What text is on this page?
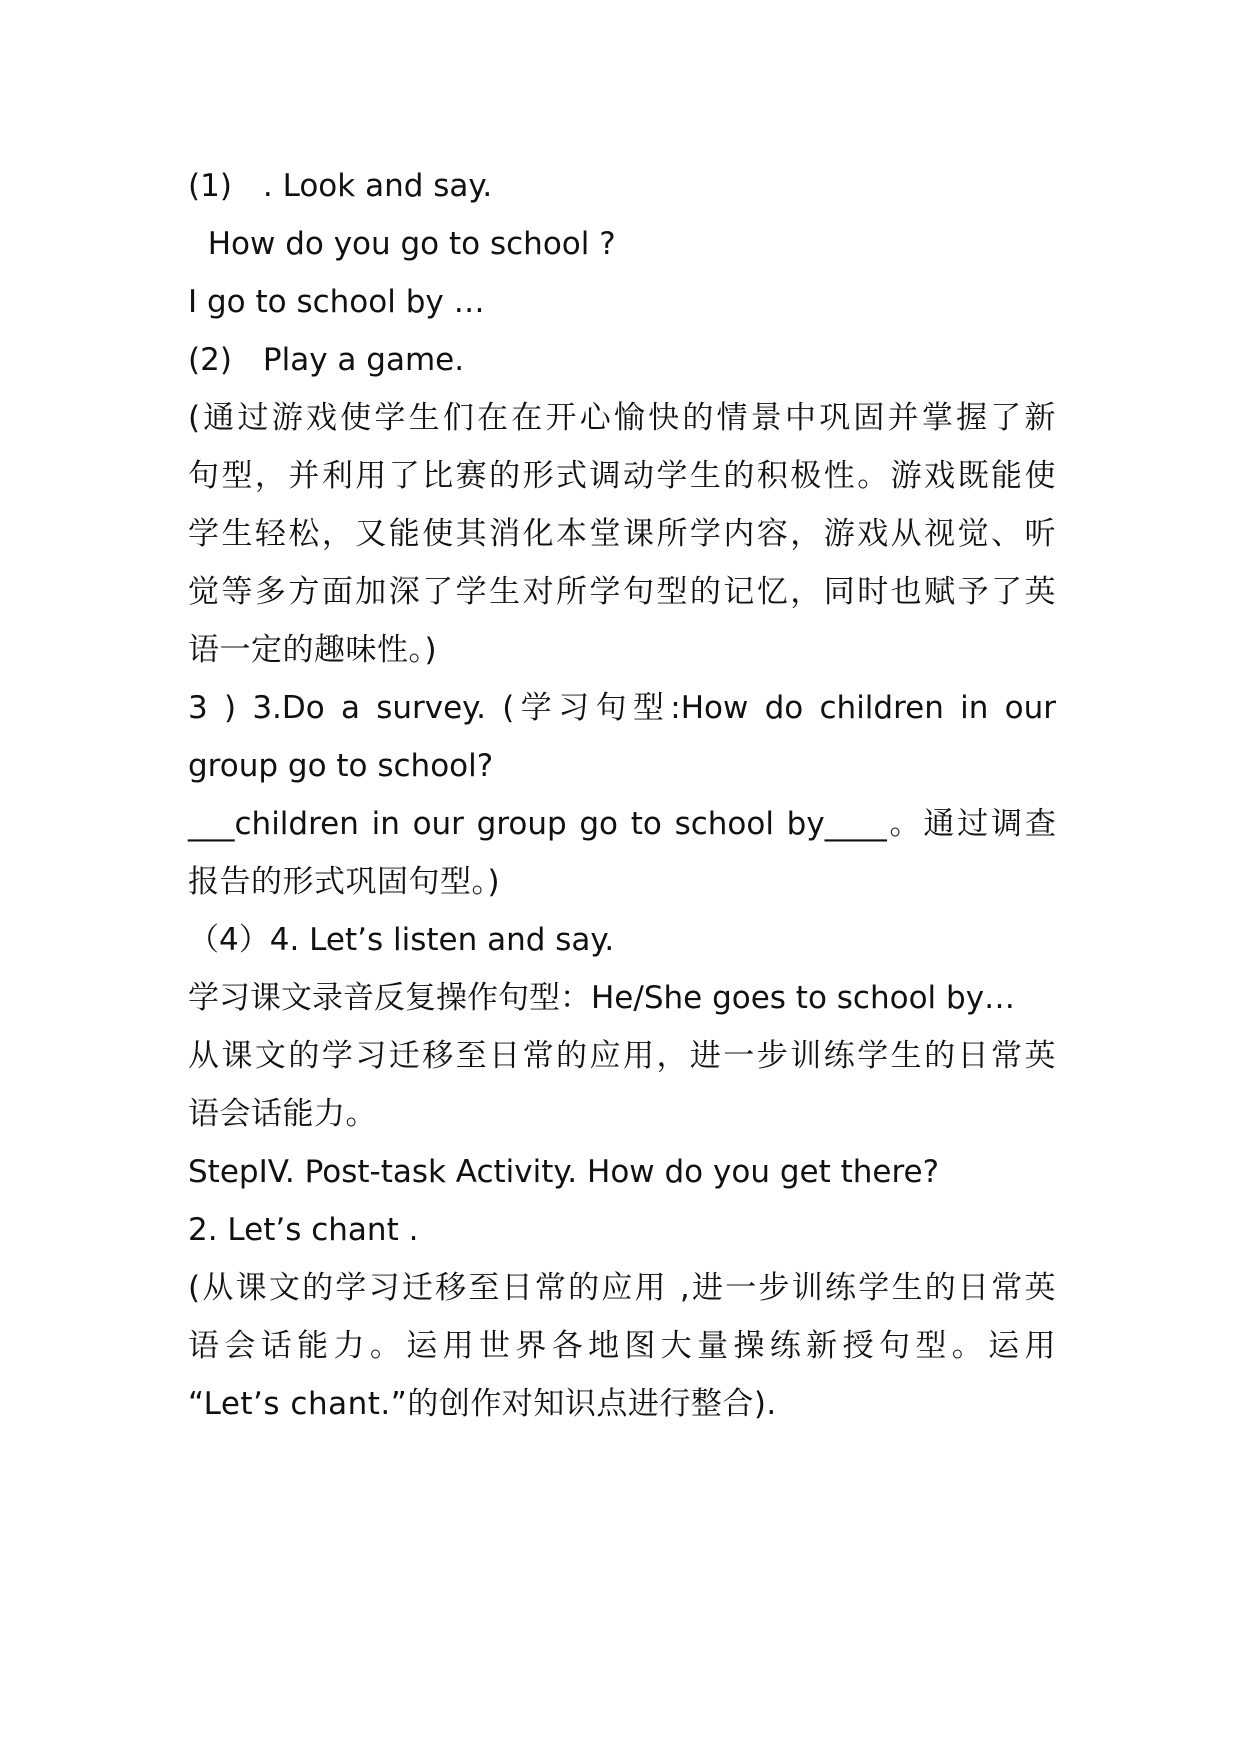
(1)　. Look and say.
How do you go to school ?
I go to school by …
(2)　Play a game.
(通过游戏使学生们在在开心愉快的情景中巩固并掌握了新
句型，并利用了比赛的形式调动学生的积极性。游戏既能使
学生轻松，又能使其消化本堂课所学内容，游戏从视觉、听
觉等多方面加深了学生对所学句型的记忆，同时也赋予了英
语一定的趣味性。)
3 ) 3.Do a survey. (学习句型:How do children in our
group go to school?
___children in our group go to school by____。通过调查
报告的形式巩固句型。)
（4）4. Let’s listen and say.
学习课文录音反复操作句型：He/She goes to school by…
从课文的学习迁移至日常的应用，进一步训练学生的日常英
语会话能力。
StepIV. Post-task Activity. How do you get there?
2. Let’s chant .
(从课文的学习迁移至日常的应用 ,进一步训练学生的日常英
语会话能力。运用世界各地图大量操练新授句型。运用
“Let’s chant.”的创作对知识点进行整合).
